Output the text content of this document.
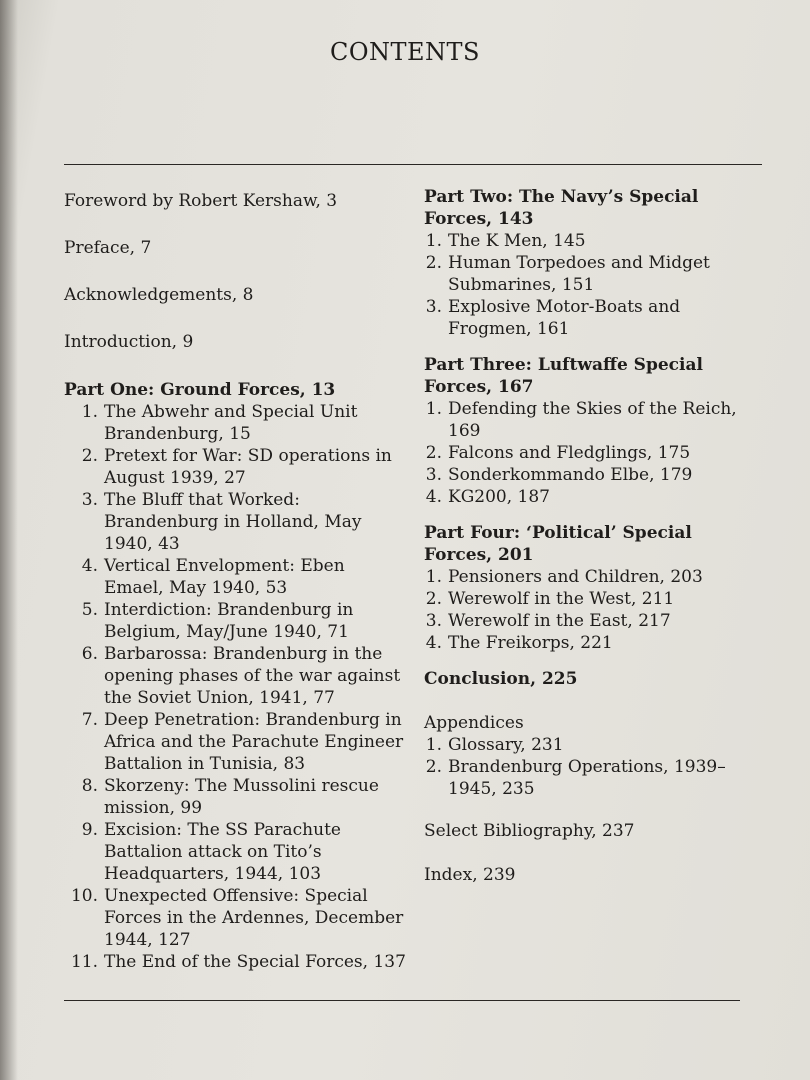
CONTENTS
Foreword by Robert Kershaw, 3
Preface, 7
Acknowledgements, 8
Introduction, 9
Part One: Ground Forces, 13
1. The Abwehr and Special Unit Brandenburg, 15
2. Pretext for War: SD operations in August 1939, 27
3. The Bluff that Worked: Brandenburg in Holland, May 1940, 43
4. Vertical Envelopment: Eben Emael, May 1940, 53
5. Interdiction: Brandenburg in Belgium, May/June 1940, 71
6. Barbarossa: Brandenburg in the opening phases of the war against the Soviet Union, 1941, 77
7. Deep Penetration: Brandenburg in Africa and the Parachute Engineer Battalion in Tunisia, 83
8. Skorzeny: The Mussolini rescue mission, 99
9. Excision: The SS Parachute Battalion attack on Tito’s Headquarters, 1944, 103
10. Unexpected Offensive: Special Forces in the Ardennes, December 1944, 127
11. The End of the Special Forces, 137
Part Two: The Navy’s Special Forces, 143
1. The K Men, 145
2. Human Torpedoes and Midget Submarines, 151
3. Explosive Motor-Boats and Frogmen, 161
Part Three: Luftwaffe Special Forces, 167
1. Defending the Skies of the Reich, 169
2. Falcons and Fledglings, 175
3. Sonderkommando Elbe, 179
4. KG200, 187
Part Four: ‘Political’ Special Forces, 201
1. Pensioners and Children, 203
2. Werewolf in the West, 211
3. Werewolf in the East, 217
4. The Freikorps, 221
Conclusion, 225
Appendices
1. Glossary, 231
2. Brandenburg Operations, 1939–1945, 235
Select Bibliography, 237
Index, 239
